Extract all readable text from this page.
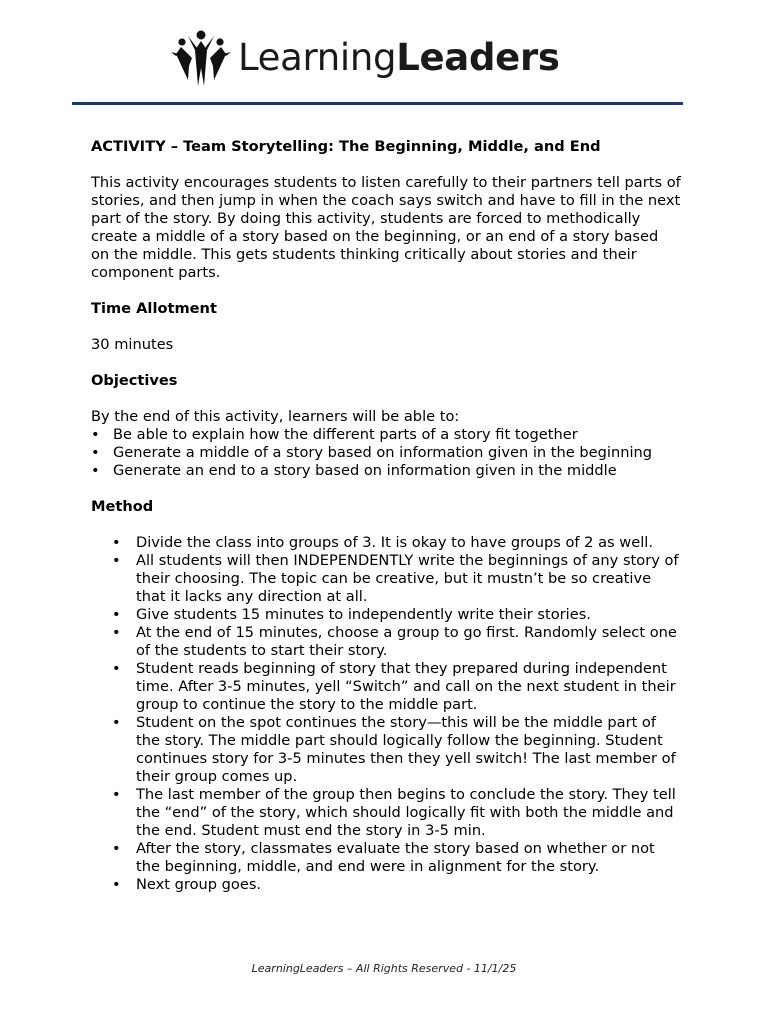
LearningLeaders

ACTIVITY – Team Storytelling: The Beginning, Middle, and End

This activity encourages students to listen carefully to their partners tell parts of stories, and then jump in when the coach says switch and have to fill in the next part of the story. By doing this activity, students are forced to methodically create a middle of a story based on the beginning, or an end of a story based on the middle. This gets students thinking critically about stories and their component parts.

Time Allotment

30 minutes

Objectives

By the end of this activity, learners will be able to:

• Be able to explain how the different parts of a story fit together
• Generate a middle of a story based on information given in the beginning
• Generate an end to a story based on information given in the middle

Method

• Divide the class into groups of 3. It is okay to have groups of 2 as well.
• All students will then INDEPENDENTLY write the beginnings of any story of their choosing. The topic can be creative, but it mustn’t be so creative that it lacks any direction at all.
• Give students 15 minutes to independently write their stories.
• At the end of 15 minutes, choose a group to go first. Randomly select one of the students to start their story.
• Student reads beginning of story that they prepared during independent time. After 3-5 minutes, yell “Switch” and call on the next student in their group to continue the story to the middle part.
• Student on the spot continues the story—this will be the middle part of the story. The middle part should logically follow the beginning. Student continues story for 3-5 minutes then they yell switch! The last member of their group comes up.
• The last member of the group then begins to conclude the story. They tell the “end” of the story, which should logically fit with both the middle and the end. Student must end the story in 3-5 min.
• After the story, classmates evaluate the story based on whether or not the beginning, middle, and end were in alignment for the story.
• Next group goes.
LearningLeaders – All Rights Reserved - 11/1/25
